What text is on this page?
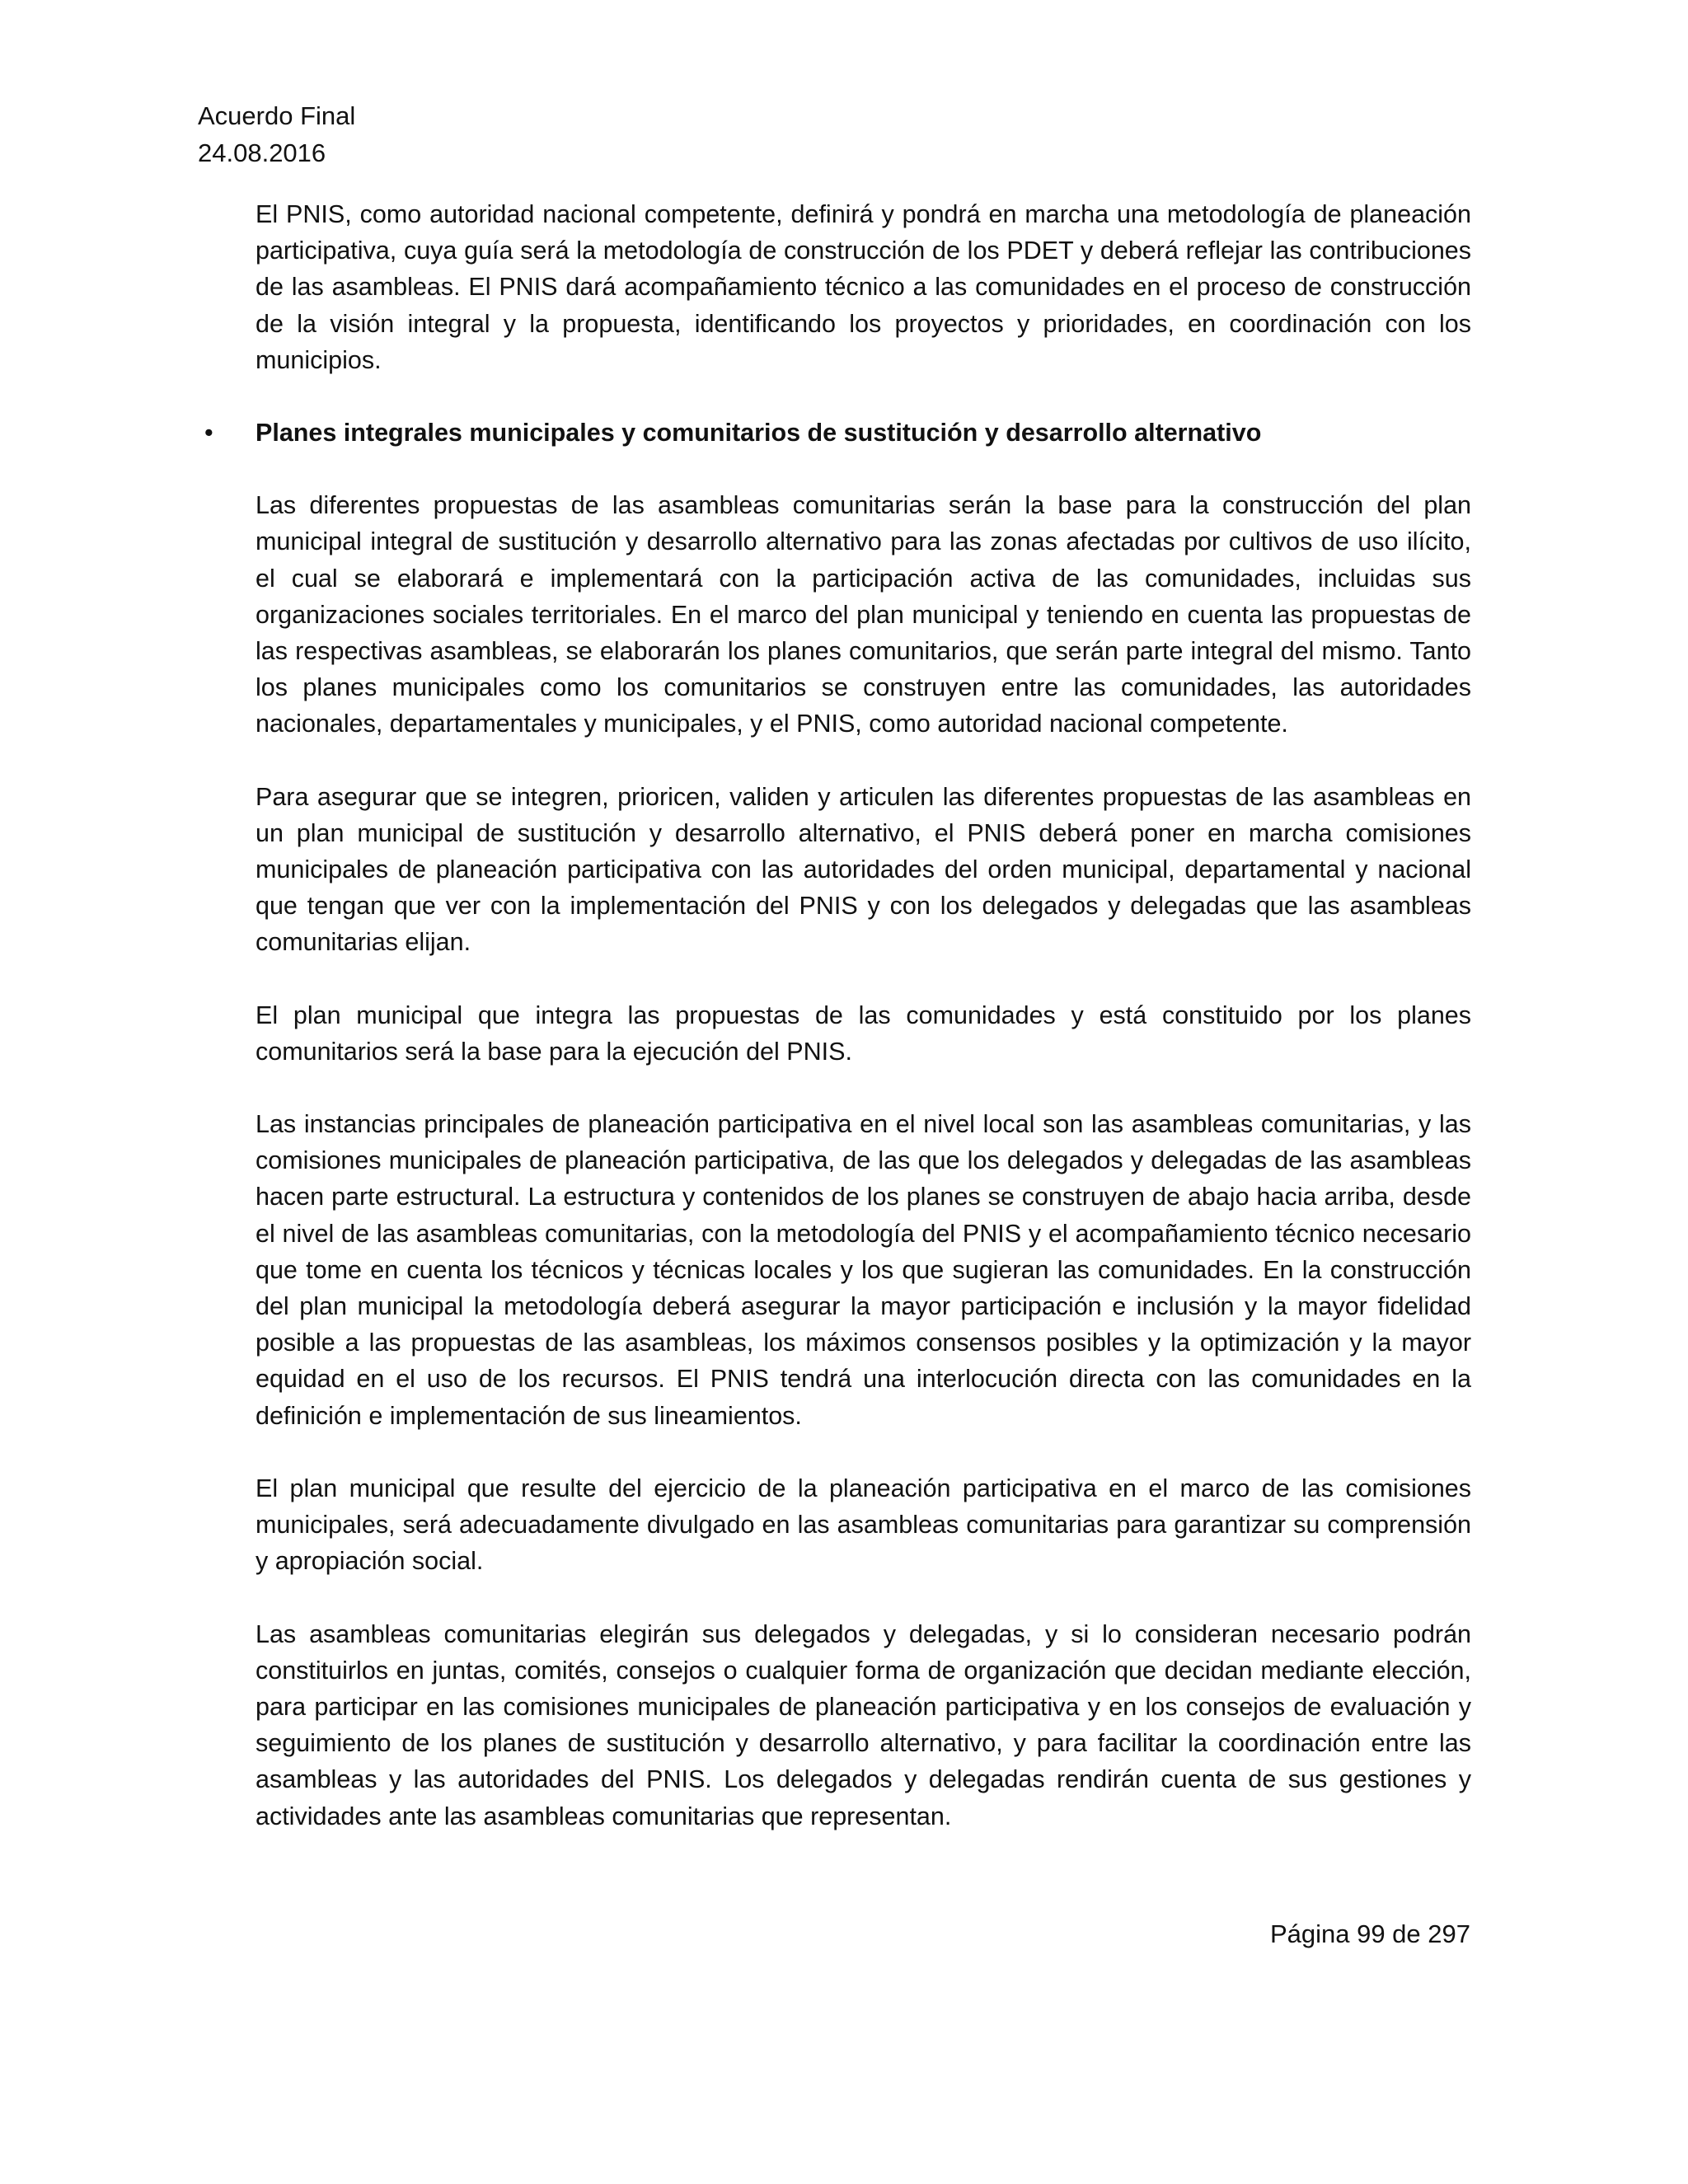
Acuerdo Final
24.08.2016

El PNIS, como autoridad nacional competente, definirá y pondrá en marcha una metodología de planeación participativa, cuya guía será la metodología de construcción de los PDET y deberá reflejar las contribuciones de las asambleas. El PNIS dará acompañamiento técnico a las comunidades en el proceso de construcción de la visión integral y la propuesta, identificando los proyectos y prioridades, en coordinación con los municipios.

• Planes integrales municipales y comunitarios de sustitución y desarrollo alternativo

Las diferentes propuestas de las asambleas comunitarias serán la base para la construcción del plan municipal integral de sustitución y desarrollo alternativo para las zonas afectadas por cultivos de uso ilícito, el cual se elaborará e implementará con la participación activa de las comunidades, incluidas sus organizaciones sociales territoriales. En el marco del plan municipal y teniendo en cuenta las propuestas de las respectivas asambleas, se elaborarán los planes comunitarios, que serán parte integral del mismo. Tanto los planes municipales como los comunitarios se construyen entre las comunidades, las autoridades nacionales, departamentales y municipales, y el PNIS, como autoridad nacional competente.

Para asegurar que se integren, prioricen, validen y articulen las diferentes propuestas de las asambleas en un plan municipal de sustitución y desarrollo alternativo, el PNIS deberá poner en marcha comisiones municipales de planeación participativa con las autoridades del orden municipal, departamental y nacional que tengan que ver con la implementación del PNIS y con los delegados y delegadas que las asambleas comunitarias elijan.

El plan municipal que integra las propuestas de las comunidades y está constituido por los planes comunitarios será la base para la ejecución del PNIS.

Las instancias principales de planeación participativa en el nivel local son las asambleas comunitarias, y las comisiones municipales de planeación participativa, de las que los delegados y delegadas de las asambleas hacen parte estructural. La estructura y contenidos de los planes se construyen de abajo hacia arriba, desde el nivel de las asambleas comunitarias, con la metodología del PNIS y el acompañamiento técnico necesario que tome en cuenta los técnicos y técnicas locales y los que sugieran las comunidades. En la construcción del plan municipal la metodología deberá asegurar la mayor participación e inclusión y la mayor fidelidad posible a las propuestas de las asambleas, los máximos consensos posibles y la optimización y la mayor equidad en el uso de los recursos. El PNIS tendrá una interlocución directa con las comunidades en la definición e implementación de sus lineamientos.

El plan municipal que resulte del ejercicio de la planeación participativa en el marco de las comisiones municipales, será adecuadamente divulgado en las asambleas comunitarias para garantizar su comprensión y apropiación social.

Las asambleas comunitarias elegirán sus delegados y delegadas, y si lo consideran necesario podrán constituirlos en juntas, comités, consejos o cualquier forma de organización que decidan mediante elección, para participar en las comisiones municipales de planeación participativa y en los consejos de evaluación y seguimiento de los planes de sustitución y desarrollo alternativo, y para facilitar la coordinación entre las asambleas y las autoridades del PNIS. Los delegados y delegadas rendirán cuenta de sus gestiones y actividades ante las asambleas comunitarias que representan.

Página 99 de 297
